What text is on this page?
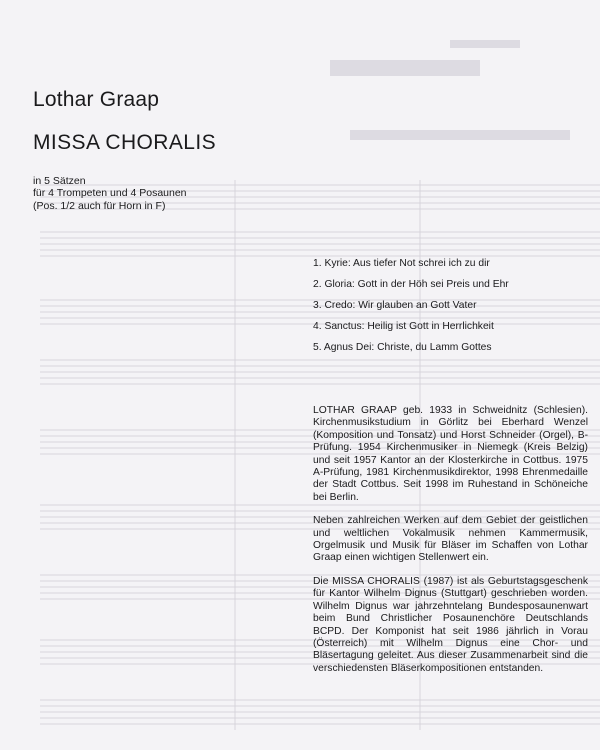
Lothar Graap
MISSA CHORALIS
in 5 Sätzen
für 4 Trompeten und 4 Posaunen
(Pos. 1/2 auch für Horn in F)
1. Kyrie: Aus tiefer Not schrei ich zu dir
2. Gloria: Gott in der Höh sei Preis und Ehr
3. Credo: Wir glauben an Gott Vater
4. Sanctus: Heilig ist Gott in Herrlichkeit
5. Agnus Dei: Christe, du Lamm Gottes

LOTHAR GRAAP geb. 1933 in Schweidnitz (Schlesien). Kirchenmusikstudium in Görlitz bei Eberhard Wenzel (Komposition und Tonsatz) und Horst Schneider (Orgel), B-Prüfung. 1954 Kirchenmusiker in Niemegk (Kreis Belzig) und seit 1957 Kantor an der Klosterkirche in Cottbus. 1975 A-Prüfung, 1981 Kirchenmusikdirektor, 1998 Ehrenmedaille der Stadt Cottbus. Seit 1998 im Ruhestand in Schöneiche bei Berlin.

Neben zahlreichen Werken auf dem Gebiet der geistlichen und weltlichen Vokalmusik nehmen Kammermusik, Orgelmusik und Musik für Bläser im Schaffen von Lothar Graap einen wichtigen Stellenwert ein.

Die MISSA CHORALIS (1987) ist als Geburtstagsgeschenk für Kantor Wilhelm Dignus (Stuttgart) geschrieben worden. Wilhelm Dignus war jahrzehntelang Bundesposaunenwart beim Bund Christlicher Posaunenchöre Deutschlands BCPD. Der Komponist hat seit 1986 jährlich in Vorau (Österreich) mit Wilhelm Dignus eine Chor- und Bläsertagung geleitet. Aus dieser Zusammenarbeit sind die verschiedensten Bläserkompositionen entstanden.
